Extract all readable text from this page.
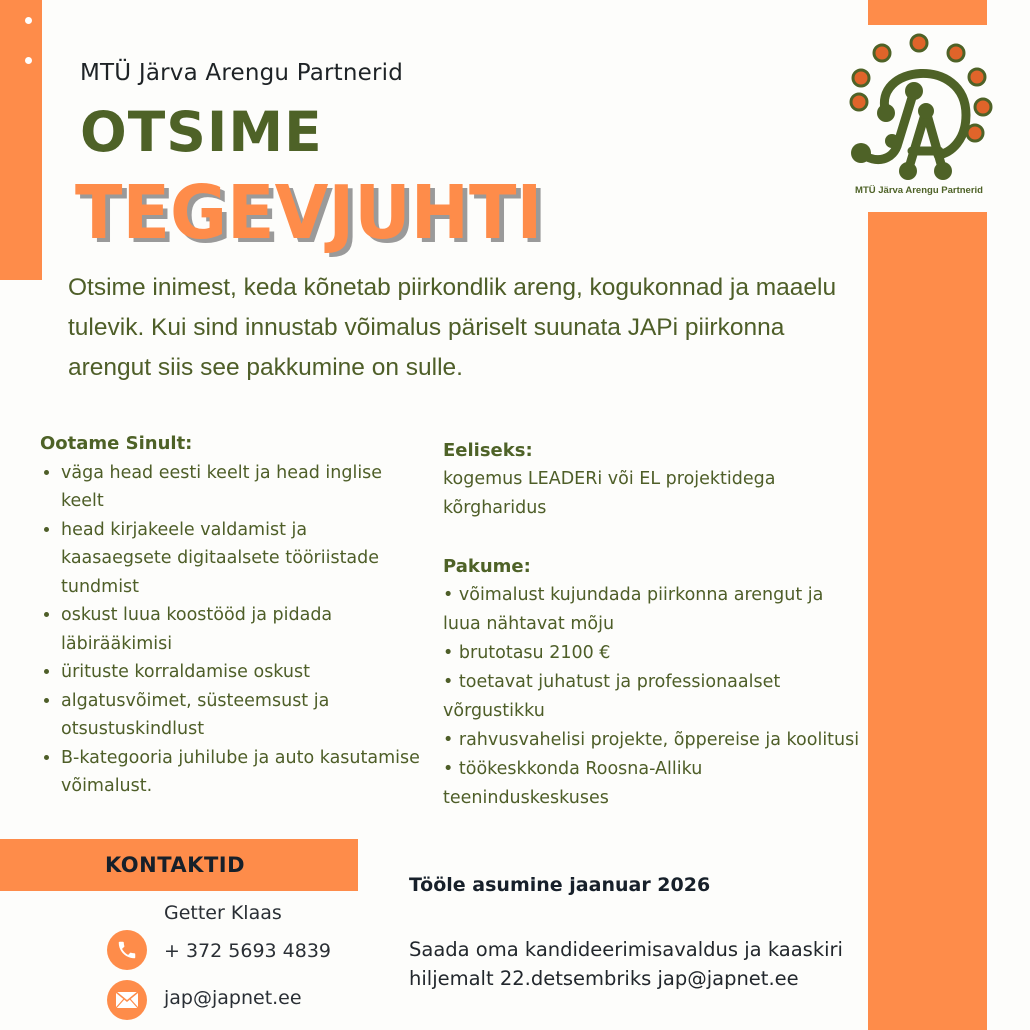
MTÜ Järva Arengu Partnerid
MTÜ Järva Arengu Partnerid
OTSIME
TEGEVJUHTI
Otsime inimest, keda kõnetab piirkondlik areng, kogukonnad ja maaelu tulevik. Kui sind innustab võimalus päriselt suunata JAPi piirkonna arengut siis see pakkumine on sulle.
Ootame Sinult:
• väga head eesti keelt ja head inglise keelt
• head kirjakeele valdamist ja kaasaegsete digitaalsete tööriistade tundmist
• oskust luua koostööd ja pidada läbirääkimisi
• ürituste korraldamise oskust
• algatusvõimet, süsteemsust ja otsustuskindlust
• B-kategooria juhilube ja auto kasutamise võimalust.
Eeliseks:
kogemus LEADERi või EL projektidega
kõrgharidus
Pakume:
• võimalust kujundada piirkonna arengut ja luua nähtavat mõju
• brutotasu 2100 €
• toetavat juhatust ja professionaalset võrgustikku
• rahvusvahelisi projekte, õppereise ja koolitusi
• töökeskkonda Roosna-Alliku teeninduskeskuses
KONTAKTID
Getter Klaas
+ 372 5693 4839
jap@japnet.ee
Tööle asumine jaanuar 2026
Saada oma kandideerimisavaldus ja kaaskiri
hiljemalt 22.detsembriks jap@japnet.ee
